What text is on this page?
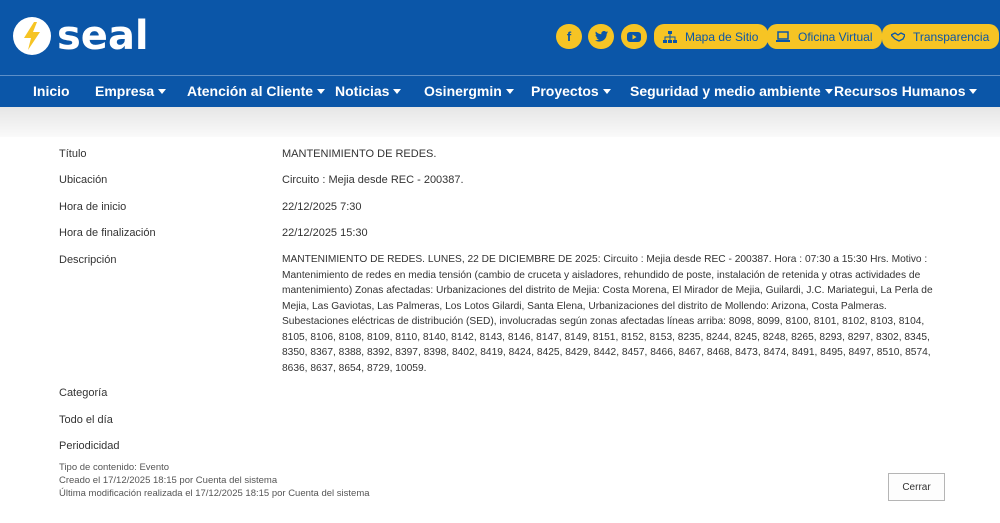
seal	f	Mapa de Sitio	Oficina Virtual	Transparencia
Inicio Empresa	Atención al Cliente	Noticias	Osinergmin	Proyectos	Seguridad y medio ambiente Recursos Humanos
Título	MANTENIMIENTO DE REDES.
Ubicación	Circuito : Mejia desde REC - 200387.
Hora de inicio	22/12/2025 7:30
Hora de finalización	22/12/2025 15:30
Descripción	MANTENIMIENTO DE REDES. LUNES, 22 DE DICIEMBRE DE 2025: Circuito : Mejia desde REC - 200387. Hora : 07:30 a 15:30 Hrs. Motivo : Mantenimiento de redes en media tensión (cambio de cruceta y aisladores, rehundido de poste, instalación de retenida y otras actividades de mantenimiento) Zonas afectadas: Urbanizaciones del distrito de Mejia: Costa Morena, El Mirador de Mejia, Guilardi, J.C. Mariategui, La Perla de Mejia, Las Gaviotas, Las Palmeras, Los Lotos Gilardi, Santa Elena, Urbanizaciones del distrito de Mollendo: Arizona, Costa Palmeras. Subestaciones eléctricas de distribución (SED), involucradas según zonas afectadas líneas arriba: 8098, 8099, 8100, 8101, 8102, 8103, 8104, 8105, 8106, 8108, 8109, 8110, 8140, 8142, 8143, 8146, 8147, 8149, 8151, 8152, 8153, 8235, 8244, 8245, 8248, 8265, 8293, 8297, 8302, 8345, 8350, 8367, 8388, 8392, 8397, 8398, 8402, 8419, 8424, 8425, 8429, 8442, 8457, 8466, 8467, 8468, 8473, 8474, 8491, 8495, 8497, 8510, 8574, 8636, 8637, 8654, 8729, 10059.
Categoría
Todo el día
Periodicidad
Tipo de contenido: Evento
Creado el 17/12/2025 18:15 por Cuenta del sistema
Última modificación realizada el 17/12/2025 18:15 por Cuenta del sistema
Cerrar
